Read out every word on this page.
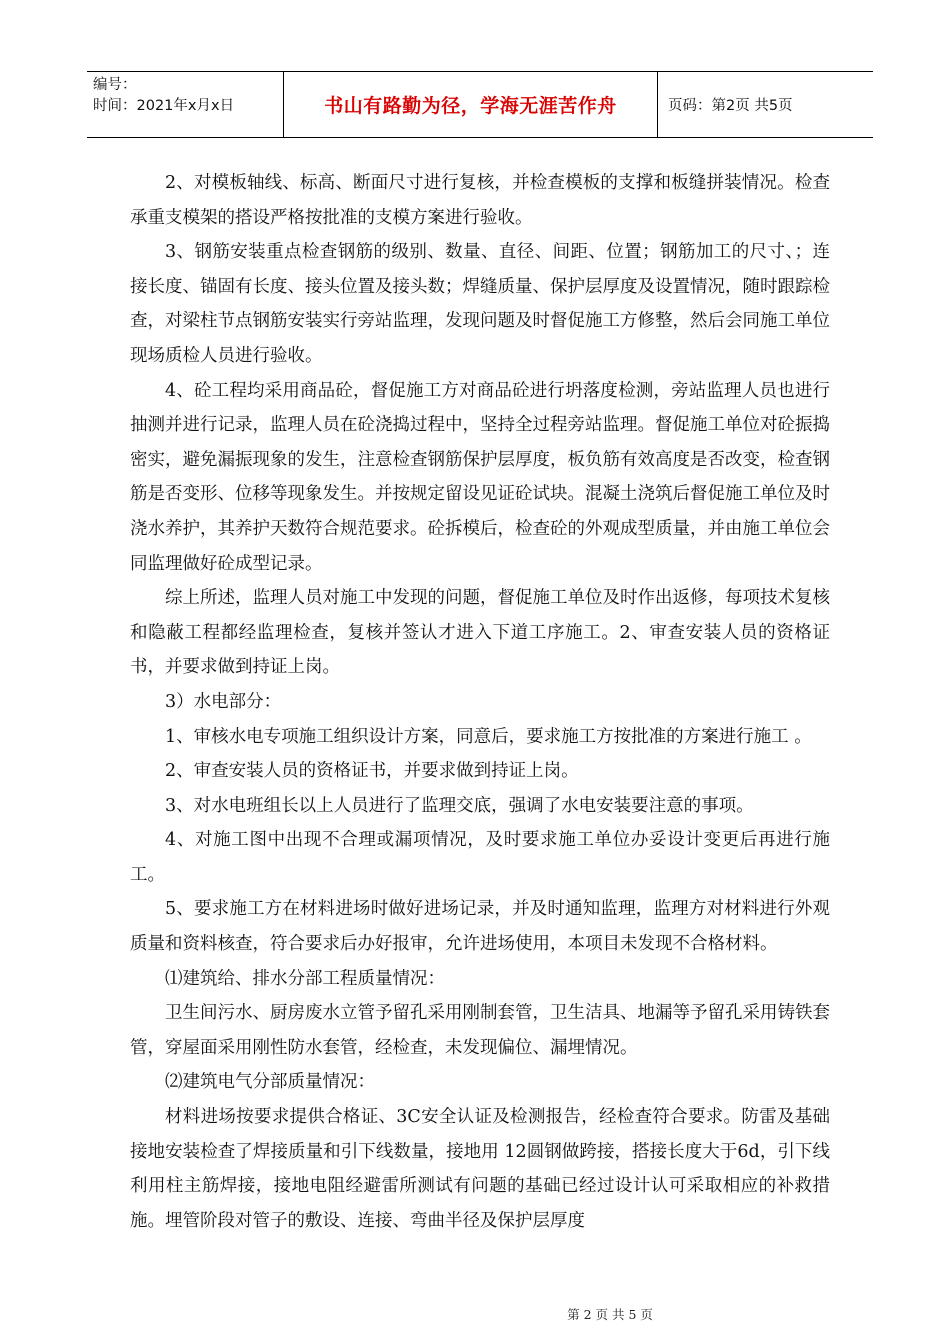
编号：
时间：2021年x月x日	书山有路勤为径，学海无涯苦作舟	页码：第2页 共5页

2、对模板轴线、标高、断面尺寸进行复核，并检查模板的支撑和板缝拼装情况。检查承重支模架的搭设严格按批准的支模方案进行验收。

3、钢筋安装重点检查钢筋的级别、数量、直径、间距、位置；钢筋加工的尺寸、；连接长度、锚固有长度、接头位置及接头数；焊缝质量、保护层厚度及设置情况，随时跟踪检查，对梁柱节点钢筋安装实行旁站监理，发现问题及时督促施工方修整，然后会同施工单位现场质检人员进行验收。

4、砼工程均采用商品砼，督促施工方对商品砼进行坍落度检测，旁站监理人员也进行抽测并进行记录，监理人员在砼浇捣过程中，坚持全过程旁站监理。督促施工单位对砼振捣密实，避免漏振现象的发生，注意检查钢筋保护层厚度，板负筋有效高度是否改变，检查钢筋是否变形、位移等现象发生。并按规定留设见证砼试块。混凝土浇筑后督促施工单位及时浇水养护，其养护天数符合规范要求。砼拆模后，检查砼的外观成型质量，并由施工单位会同监理做好砼成型记录。

综上所述，监理人员对施工中发现的问题，督促施工单位及时作出返修，每项技术复核和隐蔽工程都经监理检查，复核并签认才进入下道工序施工。2、审查安装人员的资格证书，并要求做到持证上岗。

3）水电部分：

1、审核水电专项施工组织设计方案，同意后，要求施工方按批准的方案进行施工 。

2、审查安装人员的资格证书，并要求做到持证上岗。

3、对水电班组长以上人员进行了监理交底，强调了水电安装要注意的事项。

4、对施工图中出现不合理或漏项情况，及时要求施工单位办妥设计变更后再进行施工。

5、要求施工方在材料进场时做好进场记录，并及时通知监理，监理方对材料进行外观质量和资料核查，符合要求后办好报审，允许进场使用，本项目未发现不合格材料。

⑴建筑给、排水分部工程质量情况：

卫生间污水、厨房废水立管予留孔采用刚制套管，卫生洁具、地漏等予留孔采用铸铁套管，穿屋面采用刚性防水套管，经检查，未发现偏位、漏埋情况。

⑵建筑电气分部质量情况：

材料进场按要求提供合格证、3C安全认证及检测报告，经检查符合要求。防雷及基础接地安装检查了焊接质量和引下线数量，接地用 12圆钢做跨接，搭接长度大于6d，引下线利用柱主筋焊接，接地电阻经避雷所测试有问题的基础已经过设计认可采取相应的补救措施。埋管阶段对管子的敷设、连接、弯曲半径及保护层厚度

第 2 页 共 5 页
